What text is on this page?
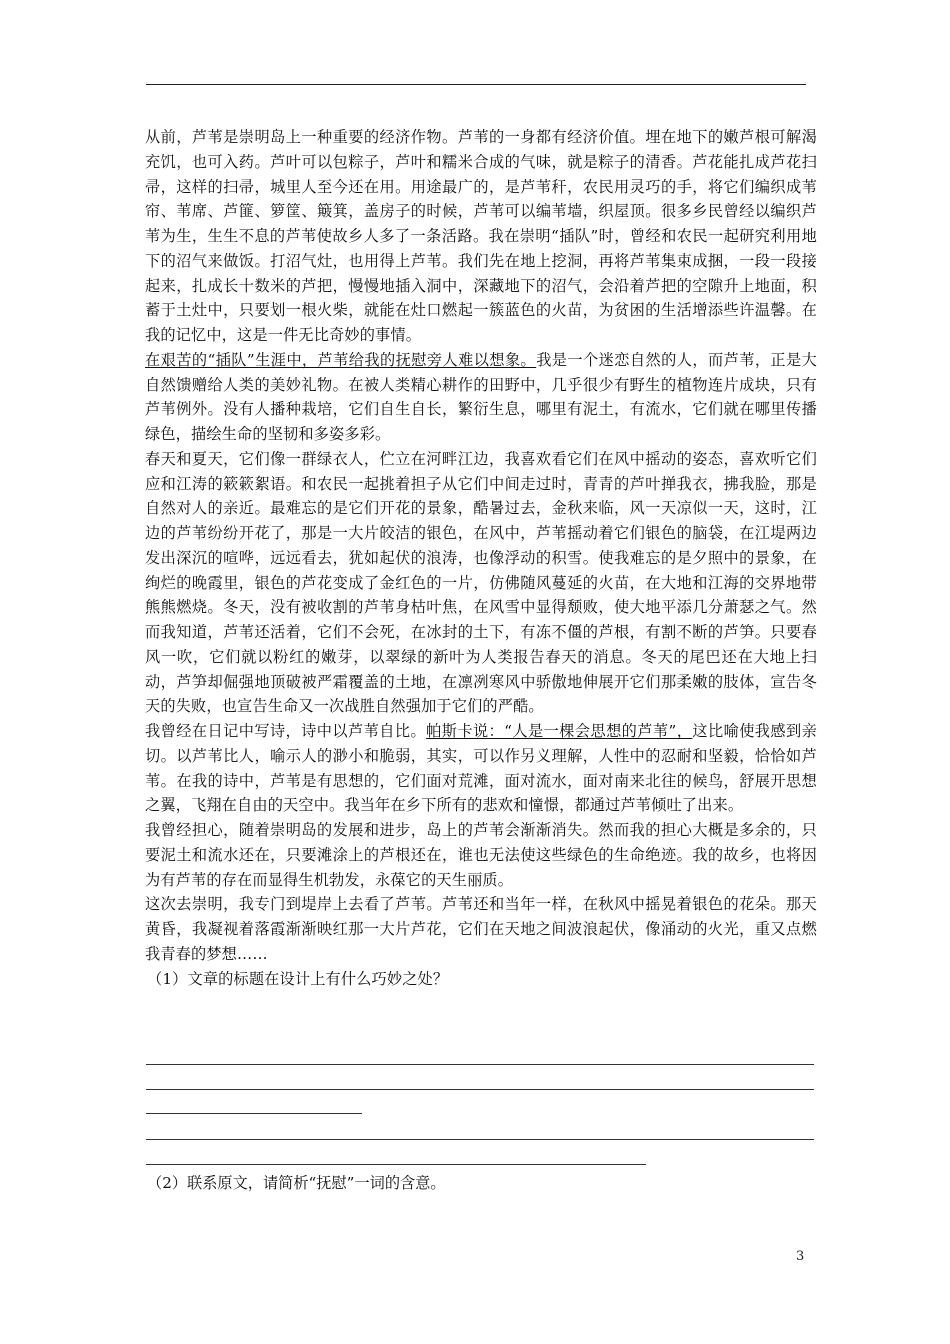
从前，芦苇是崇明岛上一种重要的经济作物。芦苇的一身都有经济价值。埋在地下的嫩芦根可解渴充饥，也可入药。芦叶可以包粽子，芦叶和糯米合成的气味，就是粽子的清香。芦花能扎成芦花扫帚，这样的扫帚，城里人至今还在用。用途最广的，是芦苇秆，农民用灵巧的手，将它们编织成苇帘、苇席、芦篚、箩筐、簸箕，盖房子的时候，芦苇可以编苇墙，织屋顶。很多乡民曾经以编织芦苇为生，生生不息的芦苇使故乡人多了一条活路。我在崇明“插队”时，曾经和农民一起研究利用地下的沼气来做饭。打沼气灶，也用得上芦苇。我们先在地上挖洞，再将芦苇集束成捆，一段一段接起来，扎成长十数米的芦把，慢慢地插入洞中，深藏地下的沼气，会沿着芦把的空隙升上地面，积蓄于土灶中，只要划一根火柴，就能在灶口燃起一簇蓝色的火苗，为贫困的生活增添些许温馨。在我的记忆中，这是一件无比奇妙的事情。

在艰苦的“插队”生涯中，芦苇给我的抚慰旁人难以想象。我是一个迷恋自然的人，而芦苇，正是大自然馈赠给人类的美妙礼物。在被人类精心耕作的田野中，几乎很少有野生的植物连片成块，只有芦苇例外。没有人播种栽培，它们自生自长，繁衍生息，哪里有泥土，有流水，它们就在哪里传播绿色，描绘生命的坚韧和多姿多彩。

春天和夏天，它们像一群绿衣人，伫立在河畔江边，我喜欢看它们在风中摇动的姿态，喜欢听它们应和江涛的簌簌絮语。和农民一起挑着担子从它们中间走过时，青青的芦叶掸我衣，拂我脸，那是自然对人的亲近。最难忘的是它们开花的景象，酷暑过去，金秋来临，风一天凉似一天，这时，江边的芦苇纷纷开花了，那是一大片皎洁的银色，在风中，芦苇摇动着它们银色的脑袋，在江堤两边发出深沉的喧哗，远远看去，犹如起伏的浪涛，也像浮动的积雪。使我难忘的是夕照中的景象，在绚烂的晚霞里，银色的芦花变成了金红色的一片，仿佛随风蔓延的火苗，在大地和江海的交界地带熊熊燃烧。冬天，没有被收割的芦苇身枯叶焦，在风雪中显得颓败，使大地平添几分萧瑟之气。然而我知道，芦苇还活着，它们不会死，在冰封的土下，有冻不僵的芦根，有割不断的芦笋。只要春风一吹，它们就以粉红的嫩芽，以翠绿的新叶为人类报告春天的消息。冬天的尾巴还在大地上扫动，芦笋却倔强地顶破被严霜覆盖的土地，在凛冽寒风中骄傲地伸展开它们那柔嫩的肢体，宣告冬天的失败，也宣告生命又一次战胜自然强加于它们的严酷。

我曾经在日记中写诗，诗中以芦苇自比。帕斯卡说：“人是一棵会思想的芦苇”，这比喻使我感到亲切。以芦苇比人，喻示人的渺小和脆弱，其实，可以作另义理解，人性中的忍耐和坚毅，恰恰如芦苇。在我的诗中，芦苇是有思想的，它们面对荒滩，面对流水，面对南来北往的候鸟，舒展开思想之翼，飞翔在自由的天空中。我当年在乡下所有的悲欢和憧憬，都通过芦苇倾吐了出来。

我曾经担心，随着崇明岛的发展和进步，岛上的芦苇会渐渐消失。然而我的担心大概是多余的，只要泥土和流水还在，只要滩涂上的芦根还在，谁也无法使这些绿色的生命绝迹。我的故乡，也将因为有芦苇的存在而显得生机勃发，永葆它的天生丽质。

这次去崇明，我专门到堤岸上去看了芦苇。芦苇还和当年一样，在秋风中摇晃着银色的花朵。那天黄昏，我凝视着落霞渐渐映红那一大片芦花，它们在天地之间波浪起伏，像涌动的火光，重又点燃我青春的梦想……

（1）文章的标题在设计上有什么巧妙之处？

（2）联系原文，请简析“抚慰”一词的含意。

3
